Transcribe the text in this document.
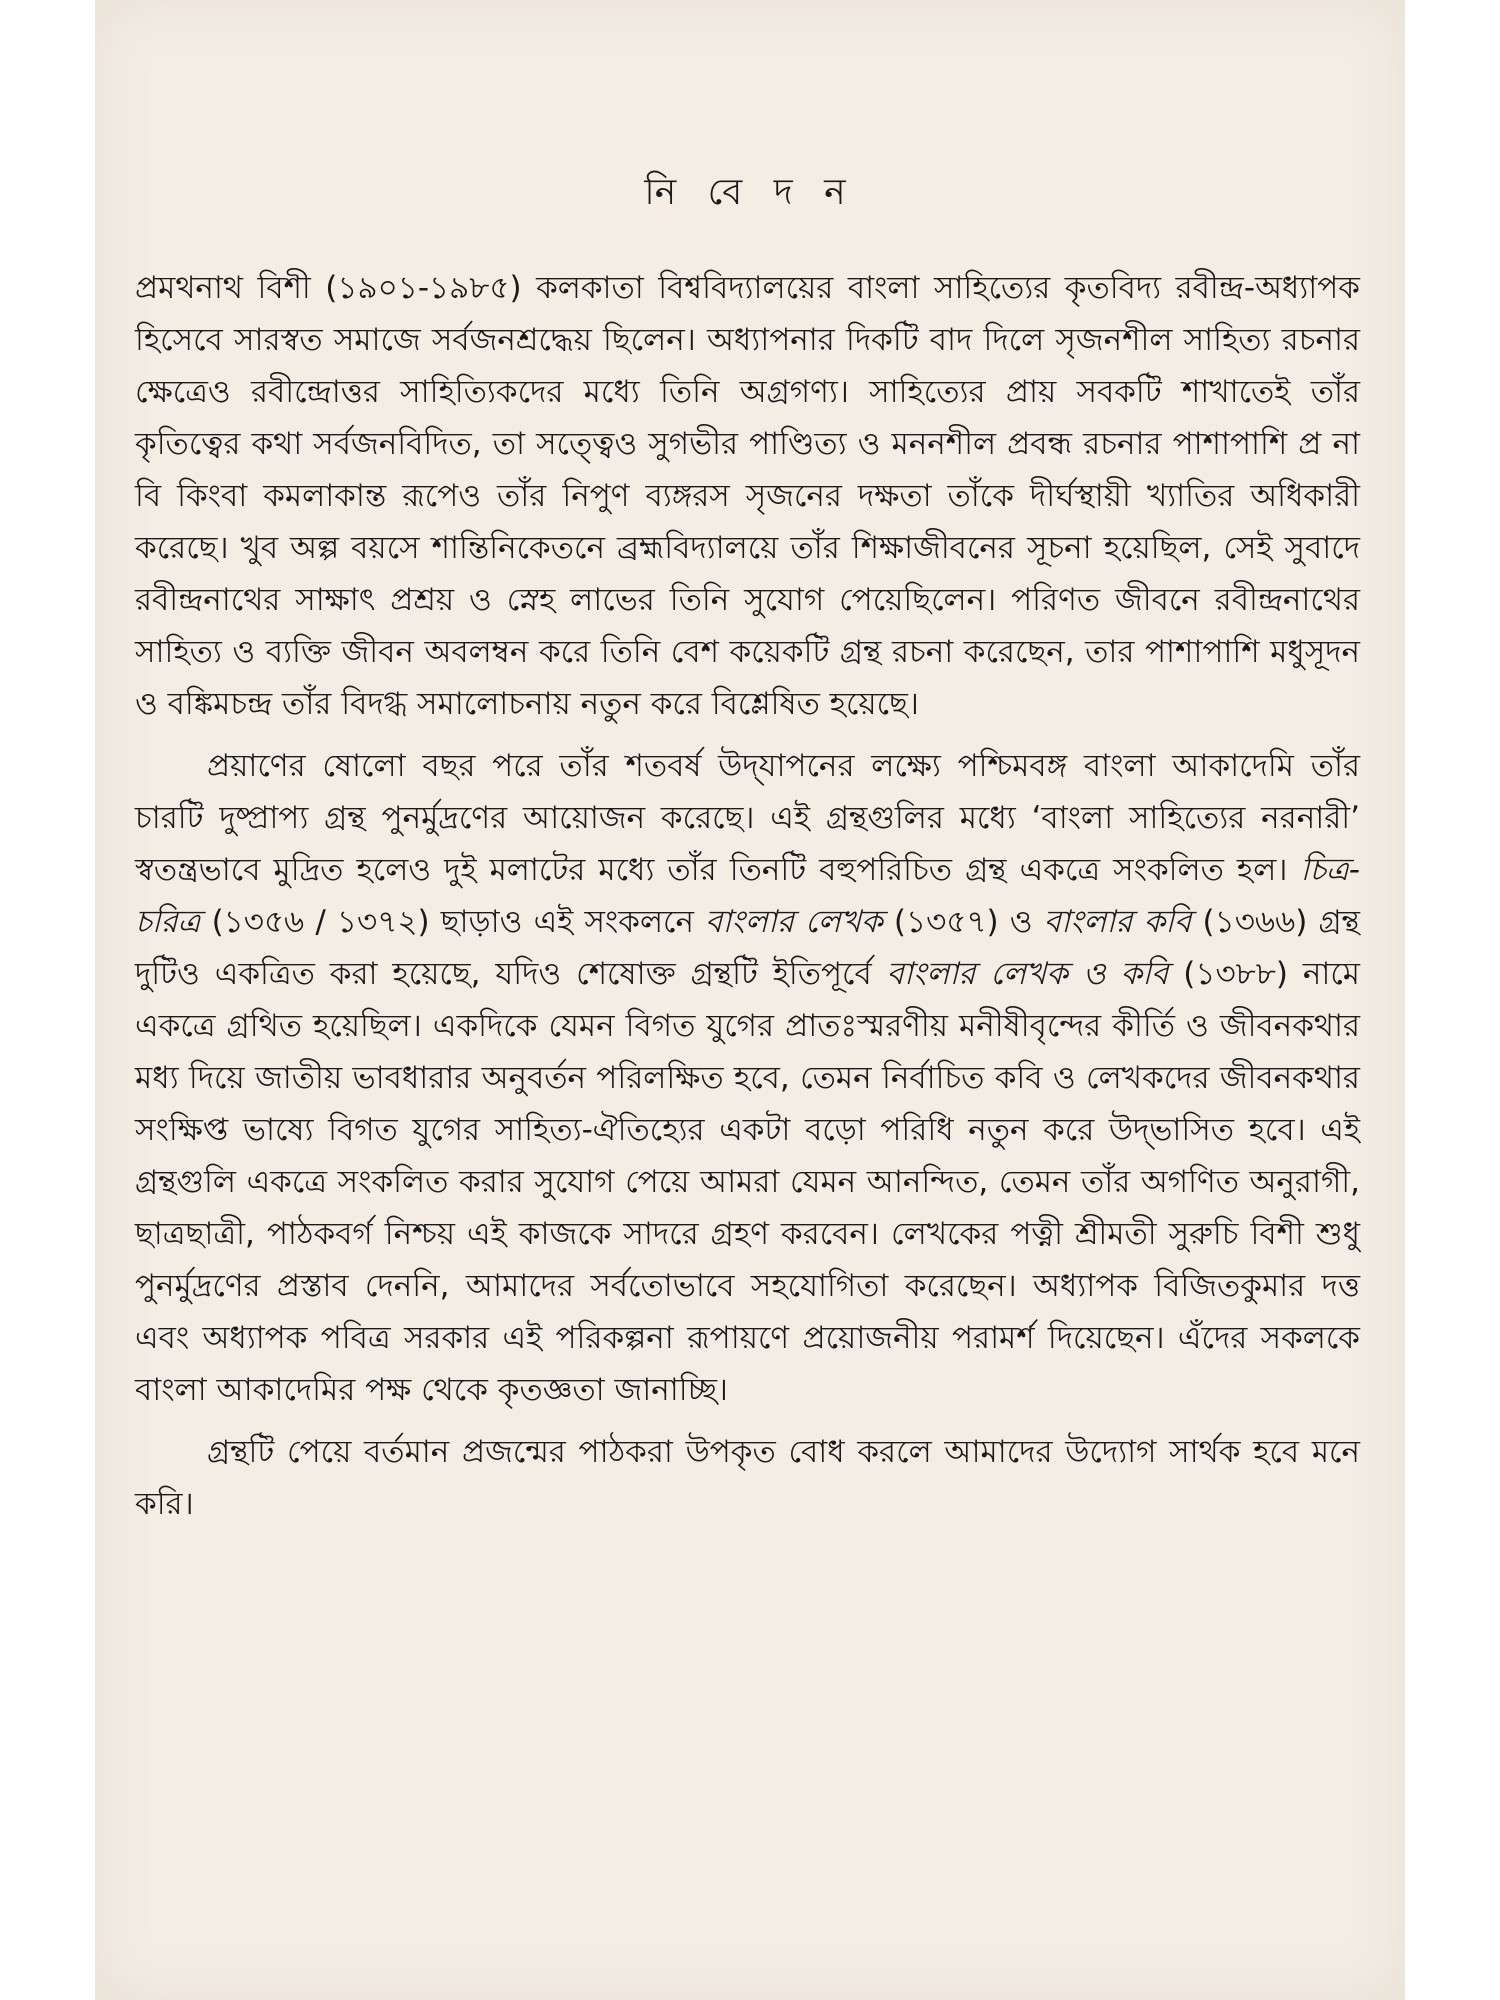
নি বে দ ন

প্রমথনাথ বিশী (১৯০১-১৯৮৫) কলকাতা বিশ্ববিদ্যালয়ের বাংলা সাহিত্যের কৃতবিদ্য রবীন্দ্র-অধ্যাপক হিসেবে সারস্বত সমাজে সর্বজনশ্রদ্ধেয় ছিলেন। অধ্যাপনার দিকটি বাদ দিলে সৃজনশীল সাহিত্য রচনার ক্ষেত্রেও রবীন্দ্রোত্তর সাহিত্যিকদের মধ্যে তিনি অগ্রগণ্য। সাহিত্যের প্রায় সবকটি শাখাতেই তাঁর কৃতিত্বের কথা সর্বজনবিদিত, তা সত্ত্বেও সুগভীর পাণ্ডিত্য ও মননশীল প্রবন্ধ রচনার পাশাপাশি প্র না বি কিংবা কমলাকান্ত রূপেও তাঁর নিপুণ ব্যঙ্গরস সৃজনের দক্ষতা তাঁকে দীর্ঘস্থায়ী খ্যাতির অধিকারী করেছে। খুব অল্প বয়সে শান্তিনিকেতনে ব্রহ্মবিদ্যালয়ে তাঁর শিক্ষাজীবনের সূচনা হয়েছিল, সেই সুবাদে রবীন্দ্রনাথের সাক্ষাৎ প্রশ্রয় ও স্নেহ লাভের তিনি সুযোগ পেয়েছিলেন। পরিণত জীবনে রবীন্দ্রনাথের সাহিত্য ও ব্যক্তি জীবন অবলম্বন করে তিনি বেশ কয়েকটি গ্রন্থ রচনা করেছেন, তার পাশাপাশি মধুসূদন ও বঙ্কিমচন্দ্র তাঁর বিদগ্ধ সমালোচনায় নতুন করে বিশ্লেষিত হয়েছে।

প্রয়াণের ষোলো বছর পরে তাঁর শতবর্ষ উদ্‌যাপনের লক্ষ্যে পশ্চিমবঙ্গ বাংলা আকাদেমি তাঁর চারটি দুষ্প্রাপ্য গ্রন্থ পুনর্মুদ্রণের আয়োজন করেছে। এই গ্রন্থগুলির মধ্যে ‘বাংলা সাহিত্যের নরনারী’ স্বতন্ত্রভাবে মুদ্রিত হলেও দুই মলাটের মধ্যে তাঁর তিনটি বহুপরিচিত গ্রন্থ একত্রে সংকলিত হল। চিত্র-চরিত্র (১৩৫৬ / ১৩৭২) ছাড়াও এই সংকলনে বাংলার লেখক (১৩৫৭) ও বাংলার কবি (১৩৬৬) গ্রন্থ দুটিও একত্রিত করা হয়েছে, যদিও শেষোক্ত গ্রন্থটি ইতিপূর্বে বাংলার লেখক ও কবি (১৩৮৮) নামে একত্রে গ্রথিত হয়েছিল। একদিকে যেমন বিগত যুগের প্রাতঃস্মরণীয় মনীষীবৃন্দের কীর্তি ও জীবনকথার মধ্য দিয়ে জাতীয় ভাবধারার অনুবর্তন পরিলক্ষিত হবে, তেমন নির্বাচিত কবি ও লেখকদের জীবনকথার সংক্ষিপ্ত ভাষ্যে বিগত যুগের সাহিত্য-ঐতিহ্যের একটা বড়ো পরিধি নতুন করে উদ্‌ভাসিত হবে। এই গ্রন্থগুলি একত্রে সংকলিত করার সুযোগ পেয়ে আমরা যেমন আনন্দিত, তেমন তাঁর অগণিত অনুরাগী, ছাত্রছাত্রী, পাঠকবর্গ নিশ্চয় এই কাজকে সাদরে গ্রহণ করবেন। লেখকের পত্নী শ্রীমতী সুরুচি বিশী শুধু পুনর্মুদ্রণের প্রস্তাব দেননি, আমাদের সর্বতোভাবে সহযোগিতা করেছেন। অধ্যাপক বিজিতকুমার দত্ত এবং অধ্যাপক পবিত্র সরকার এই পরিকল্পনা রূপায়ণে প্রয়োজনীয় পরামর্শ দিয়েছেন। এঁদের সকলকে বাংলা আকাদেমির পক্ষ থেকে কৃতজ্ঞতা জানাচ্ছি।

গ্রন্থটি পেয়ে বর্তমান প্রজন্মের পাঠকরা উপকৃত বোধ করলে আমাদের উদ্যোগ সার্থক হবে মনে করি।
